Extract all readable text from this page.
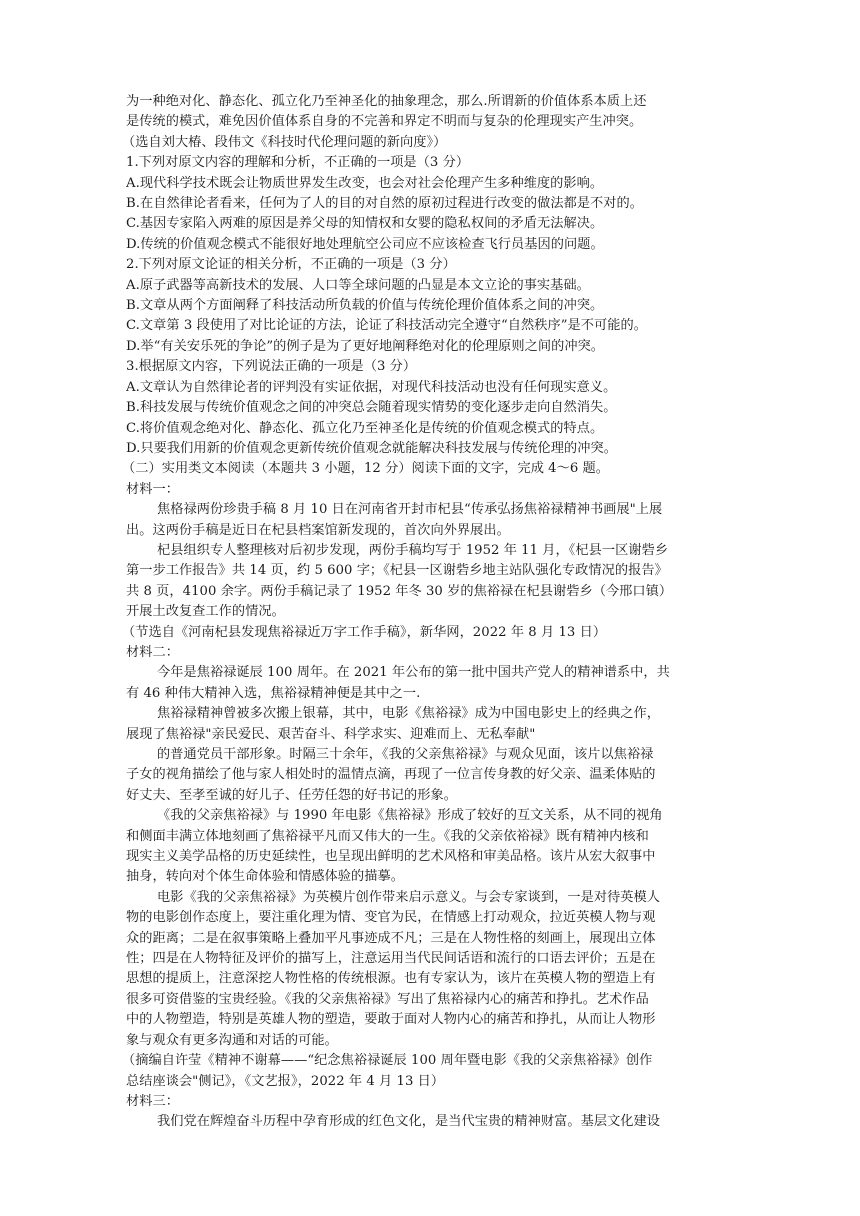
为一种绝对化、静态化、孤立化乃至神圣化的抽象理念，那么.所谓新的价值体系本质上还
是传统的模式，难免因价值体系自身的不完善和界定不明而与复杂的伦理现实产生冲突。
（选自刘大椿、段伟文《科技时代伦理问题的新向度》）
1.下列对原文内容的理解和分析，不正确的一项是（3 分）
A.现代科学技术既会让物质世界发生改变，也会对社会伦理产生多种维度的影响。
B.在自然律论者看来，任何为了人的目的对自然的原初过程进行改变的做法都是不对的。
C.基因专家陷入两难的原因是养父母的知情权和女婴的隐私权间的矛盾无法解决。
D.传统的价值观念模式不能很好地处理航空公司应不应该检查飞行员基因的问题。
2.下列对原文论证的相关分析，不正确的一项是（3 分）
A.原子武器等高新技术的发展、人口等全球问题的凸显是本文立论的事实基础。
B.文章从两个方面阐释了科技活动所负载的价值与传统伦理价值体系之间的冲突。
C.文章第 3 段使用了对比论证的方法，论证了科技活动完全遵守“自然秩序”是不可能的。
D.举“有关安乐死的争论”的例子是为了更好地阐释绝对化的伦理原则之间的冲突。
3.根据原文内容，下列说法正确的一项是（3 分）
A.文章认为自然律论者的评判没有实证依据，对现代科技活动也没有任何现实意义。
B.科技发展与传统价值观念之间的冲突总会随着现实情势的变化逐步走向自然消失。
C.将价值观念绝对化、静态化、孤立化乃至神圣化是传统的价值观念模式的特点。
D.只要我们用新的价值观念更新传统价值观念就能解决科技发展与传统伦理的冲突。
（二）实用类文本阅读（本题共 3 小题，12 分）阅读下面的文字，完成 4～6 题。
材料一：
焦格禄两份珍贵手稿 8 月 10 日在河南省开封市杞县“传承弘扬焦裕禄精神书画展"上展
出。这两份手稿是近日在杞县档案馆新发现的，首次向外界展出。
杞县组织专人整理核对后初步发现，两份手稿均写于 1952 年 11 月，《杞县一区谢砦乡
第一步工作报告》共 14 页，约 5 600 字；《杞县一区谢砦乡地主站队强化专政情况的报告》
共 8 页，4100 余字。两份手稿记录了 1952 年冬 30 岁的焦裕禄在杞县谢砦乡（今邢口镇）
开展土改复查工作的情况。
（节选自《河南杞县发现焦裕禄近万字工作手稿》，新华网，2022 年 8 月 13 日）
材料二：
今年是焦裕禄诞辰 100 周年。在 2021 年公布的第一批中国共产党人的精神谱系中，共
有 46 种伟大精神入选，焦裕禄精神便是其中之一.
焦裕禄精神曾被多次搬上银幕，其中，电影《焦裕禄》成为中国电影史上的经典之作，
展现了焦裕禄"亲民爱民、艰苦奋斗、科学求实、迎难而上、无私奉献"
的普通党员干部形象。时隔三十余年，《我的父亲焦裕禄》与观众见面，该片以焦裕禄
子女的视角描绘了他与家人相处时的温情点滴，再现了一位言传身教的好父亲、温柔体贴的
好丈夫、至孝至诚的好儿子、任劳任怨的好书记的形象。
《我的父亲焦裕禄》与 1990 年电影《焦裕禄》形成了较好的互文关系，从不同的视角
和侧面丰满立体地刻画了焦裕禄平凡而又伟大的一生。《我的父亲依裕禄》既有精神内核和
现实主义美学品格的历史延续性，也呈现出鲜明的艺术风格和审美品格。该片从宏大叙事中
抽身，转向对个体生命体验和情感体验的描摹。
电影《我的父亲焦裕禄》为英模片创作带来启示意义。与会专家谈到，一是对待英模人
物的电影创作态度上，要注重化理为情、变官为民，在情感上打动观众，拉近英模人物与观
众的距离；二是在叙事策略上叠加平凡事迹成不凡；三是在人物性格的刻画上，展现出立体
性；四是在人物特征及评价的描写上，注意运用当代民间话语和流行的口语去评价；五是在
思想的提质上，注意深挖人物性格的传统根源。也有专家认为，该片在英模人物的塑造上有
很多可资借鉴的宝贵经验。《我的父亲焦裕禄》写出了焦裕禄内心的痛苦和挣扎。艺术作品
中的人物塑造，特别是英雄人物的塑造，要敢于面对人物内心的痛苦和挣扎，从而让人物形
象与观众有更多沟通和对话的可能。
（摘编自许莹《精神不谢幕——“纪念焦裕禄诞辰 100 周年暨电影《我的父亲焦裕禄》创作
总结座谈会"侧记》，《文艺报》，2022 年 4 月 13 日）
材料三：
我们党在辉煌奋斗历程中孕育形成的红色文化，是当代宝贵的精神财富。基层文化建设
